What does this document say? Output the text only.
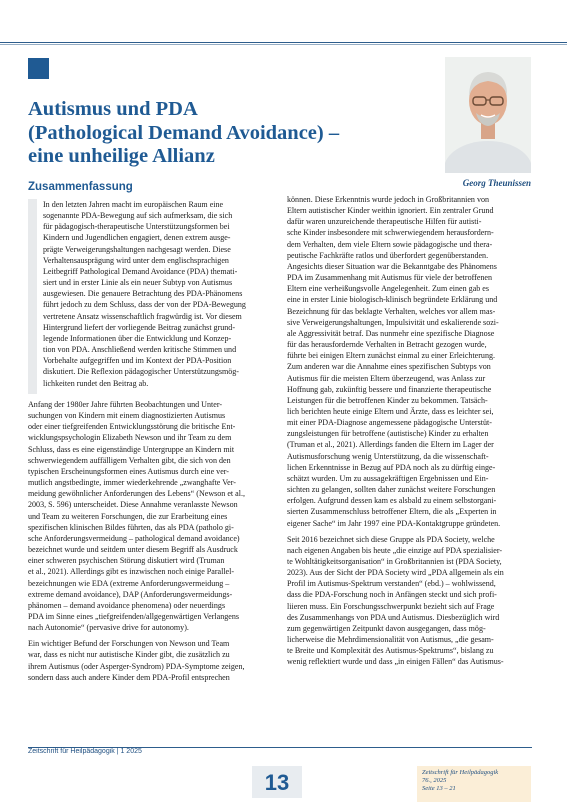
Georg Theunissen
Autismus und PDA
(Pathological Demand Avoidance) –
eine unheilige Allianz
Zusammenfassung
In den letzten Jahren macht im europäischen Raum eine
sogenannte PDA-Bewegung auf sich aufmerksam, die sich
für pädagogisch-therapeutische Unterstützungsformen bei
Kindern und Jugendlichen engagiert, denen extrem ausge-
prägte Verweigerungshaltungen nachgesagt werden. Diese
Verhaltensausprägung wird unter dem englischsprachigen
Leitbegriff Pathological Demand Avoidance (PDA) themati-
siert und in erster Linie als ein neuer Subtyp von Autismus
ausgewiesen. Die genauere Betrachtung des PDA-Phänomens
führt jedoch zu dem Schluss, dass der von der PDA-Bewegung
vertretene Ansatz wissenschaftlich fragwürdig ist. Vor diesem
Hintergrund liefert der vorliegende Beitrag zunächst grund-
legende Informationen über die Entwicklung und Konzep-
tion von PDA. Anschließend werden kritische Stimmen und
Vorbehalte aufgegriffen und im Kontext der PDA-Position
diskutiert. Die Reflexion pädagogischer Unterstützungsmög-
lichkeiten rundet den Beitrag ab.

Anfang der 1980er Jahre führten Beobachtungen und Unter-
suchungen von Kindern mit einem diagnostizierten Autismus
oder einer tiefgreifenden Entwicklungsstörung die britische Ent-
wicklungspsychologin Elizabeth Newson und ihr Team zu dem
Schluss, dass es eine eigenständige Untergruppe an Kindern mit
schwerwiegendem auffälligem Verhalten gibt, die sich von den
typischen Erscheinungsformen eines Autismus durch eine ver-
mutlich angstbedingte, immer wiederkehrende „zwanghafte Ver-
meidung gewöhnlicher Anforderungen des Lebens“ (Newson et al.,
2003, S. 596) unterscheidet. Diese Annahme veranlasste Newson
und Team zu weiteren Forschungen, die zur Erarbeitung eines
spezifischen klinischen Bildes führten, das als PDA (patholo gi-
sche Anforderungsvermeidung – pathological demand avoidance)
bezeichnet wurde und seitdem unter diesem Begriff als Ausdruck
einer schweren psychischen Störung diskutiert wird (Truman
et al., 2021). Allerdings gibt es inzwischen noch einige Parallel-
bezeichnungen wie EDA (extreme Anforderungsvermeidung –
extreme demand avoidance), DAP (Anforderungsvermeidungs-
phänomen – demand avoidance phenomena) oder neuerdings
PDA im Sinne eines „tiefgreifenden/allgegenwärtigen Verlangens
nach Autonomie“ (pervasive drive for autonomy).

Ein wichtiger Befund der Forschungen von Newson und Team
war, dass es nicht nur autistische Kinder gibt, die zusätzlich zu
ihrem Autismus (oder Asperger-Syndrom) PDA-Symptome zeigen,
sondern dass auch andere Kinder dem PDA-Profil entsprechen

können. Diese Erkenntnis wurde jedoch in Großbritannien von
Eltern autistischer Kinder weithin ignoriert. Ein zentraler Grund
dafür waren unzureichende therapeutische Hilfen für autisti-
sche Kinder insbesondere mit schwerwiegendem herausfordern-
dem Verhalten, dem viele Eltern sowie pädagogische und thera-
peutische Fachkräfte ratlos und überfordert gegenüberstanden.
Angesichts dieser Situation war die Bekanntgabe des Phänomens
PDA im Zusammenhang mit Autismus für viele der betroffenen
Eltern eine verheißungsvolle Angelegenheit. Zum einen gab es
eine in erster Linie biologisch-klinisch begründete Erklärung und
Bezeichnung für das beklagte Verhalten, welches vor allem mas-
sive Verweigerungshaltungen, Impulsivität und eskalierende sozi-
ale Aggressivität betraf. Das nunmehr eine spezifische Diagnose
für das herausfordernde Verhalten in Betracht gezogen wurde,
führte bei einigen Eltern zunächst einmal zu einer Erleichterung.
Zum anderen war die Annahme eines spezifischen Subtyps von
Autismus für die meisten Eltern überzeugend, was Anlass zur
Hoffnung gab, zukünftig bessere und finanzierte therapeutische
Leistungen für die betroffenen Kinder zu bekommen. Tatsäch-
lich berichten heute einige Eltern und Ärzte, dass es leichter sei,
mit einer PDA-Diagnose angemessene pädagogische Unterstüt-
zungsleistungen für betroffene (autistische) Kinder zu erhalten
(Truman et al., 2021). Allerdings fanden die Eltern im Lager der
Autismusforschung wenig Unterstützung, da die wissenschaft-
lichen Erkenntnisse in Bezug auf PDA noch als zu dürftig einge-
schätzt wurden. Um zu aussagekräftigen Ergebnissen und Ein-
sichten zu gelangen, sollten daher zunächst weitere Forschungen
erfolgen. Aufgrund dessen kam es alsbald zu einem selbstorgani-
sierten Zusammenschluss betroffener Eltern, die als „Experten in
eigener Sache“ im Jahr 1997 eine PDA-Kontaktgruppe gründeten.

Seit 2016 bezeichnet sich diese Gruppe als PDA Society, welche
nach eigenen Angaben bis heute „die einzige auf PDA spezialisier-
te Wohltätigkeitsorganisation“ in Großbritannien ist (PDA Society,
2023). Aus der Sicht der PDA Society wird „PDA allgemein als ein
Profil im Autismus-Spektrum verstanden“ (ebd.) – wohlwissend,
dass die PDA-Forschung noch in Anfängen steckt und sich profi-
liieren muss. Ein Forschungsschwerpunkt bezieht sich auf Frage
des Zusammenhangs von PDA und Autismus. Diesbezüglich wird
zum gegenwärtigen Zeitpunkt davon ausgegangen, dass mög-
licherweise die Mehrdimensionalität von Autismus, „die gesam-
te Breite und Komplexität des Autismus-Spektrums“, bislang zu
wenig reflektiert wurde und dass „in einigen Fällen“ das Autismus-

Zeitschrift für Heilpädagogik | 1 2025
13	Zeitschrift für Heilpädagogik
76., 2025
Seite 13 – 21
